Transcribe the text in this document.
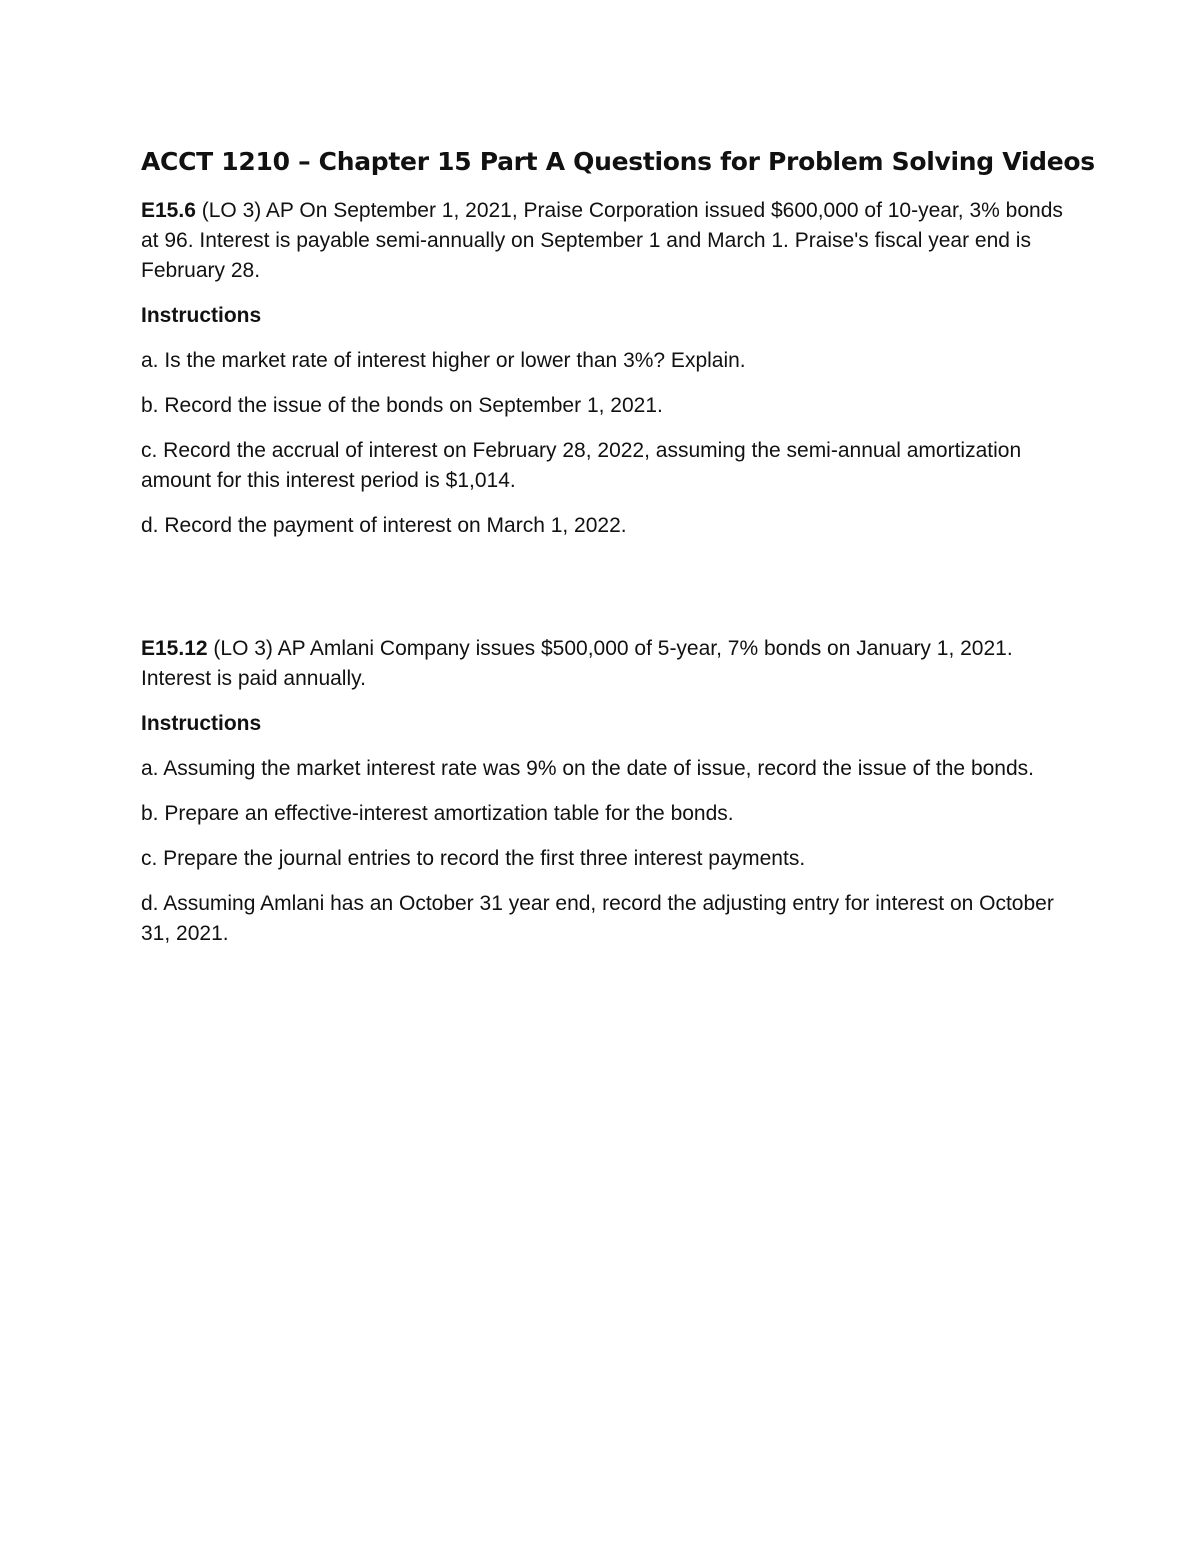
ACCT 1210 – Chapter 15 Part A Questions for Problem Solving Videos

E15.6 (LO 3) AP On September 1, 2021, Praise Corporation issued $600,000 of 10-year, 3% bonds at 96. Interest is payable semi-annually on September 1 and March 1. Praise's fiscal year end is February 28.

Instructions

a. Is the market rate of interest higher or lower than 3%? Explain.

b. Record the issue of the bonds on September 1, 2021.

c. Record the accrual of interest on February 28, 2022, assuming the semi-annual amortization amount for this interest period is $1,014.

d. Record the payment of interest on March 1, 2022.

E15.12 (LO 3) AP Amlani Company issues $500,000 of 5-year, 7% bonds on January 1, 2021. Interest is paid annually.

Instructions

a. Assuming the market interest rate was 9% on the date of issue, record the issue of the bonds.

b. Prepare an effective-interest amortization table for the bonds.

c. Prepare the journal entries to record the first three interest payments.

d. Assuming Amlani has an October 31 year end, record the adjusting entry for interest on October 31, 2021.
